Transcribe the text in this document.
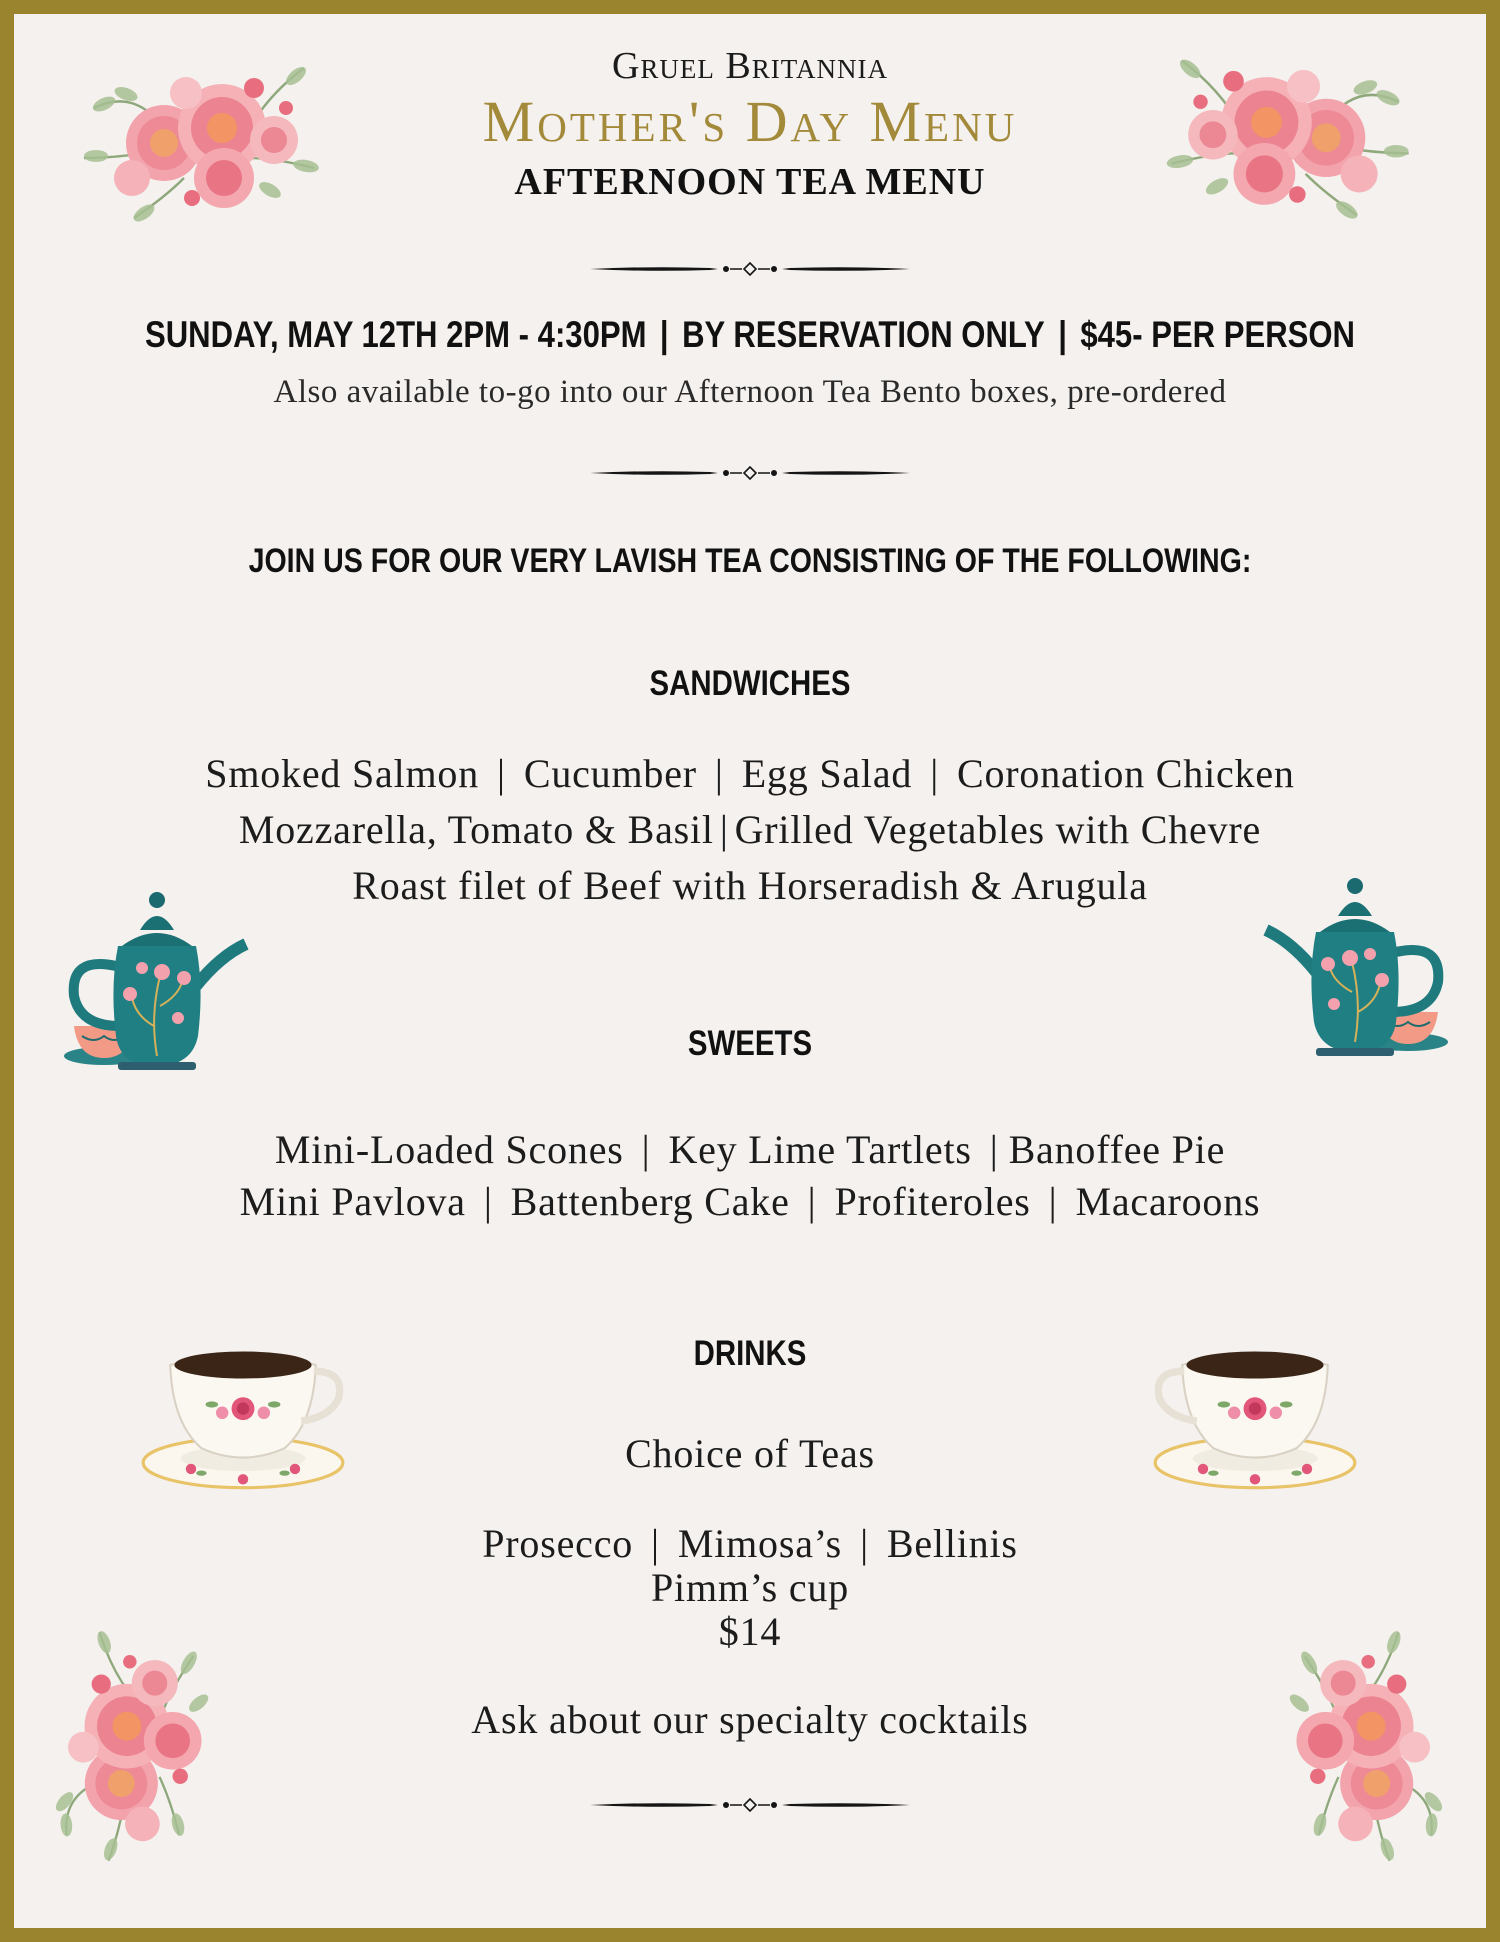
Gruel Britannia
Mother's Day Menu
AFTERNOON TEA MENU
SUNDAY, MAY 12TH 2PM - 4:30PM | BY RESERVATION ONLY | $45- PER PERSON
Also available to-go into our Afternoon Tea Bento boxes, pre-ordered
JOIN US FOR OUR VERY LAVISH TEA CONSISTING OF THE FOLLOWING:
SANDWICHES
Smoked Salmon | Cucumber | Egg Salad | Coronation Chicken
Mozzarella, Tomato & Basil | Grilled Vegetables with Chevre
Roast filet of Beef with Horseradish & Arugula
SWEETS
Mini-Loaded Scones | Key Lime Tartlets | Banoffee Pie
Mini Pavlova | Battenberg Cake | Profiteroles | Macaroons
DRINKS
Choice of Teas
Prosecco | Mimosa’s | Bellinis
Pimm’s cup
$14
Ask about our specialty cocktails
